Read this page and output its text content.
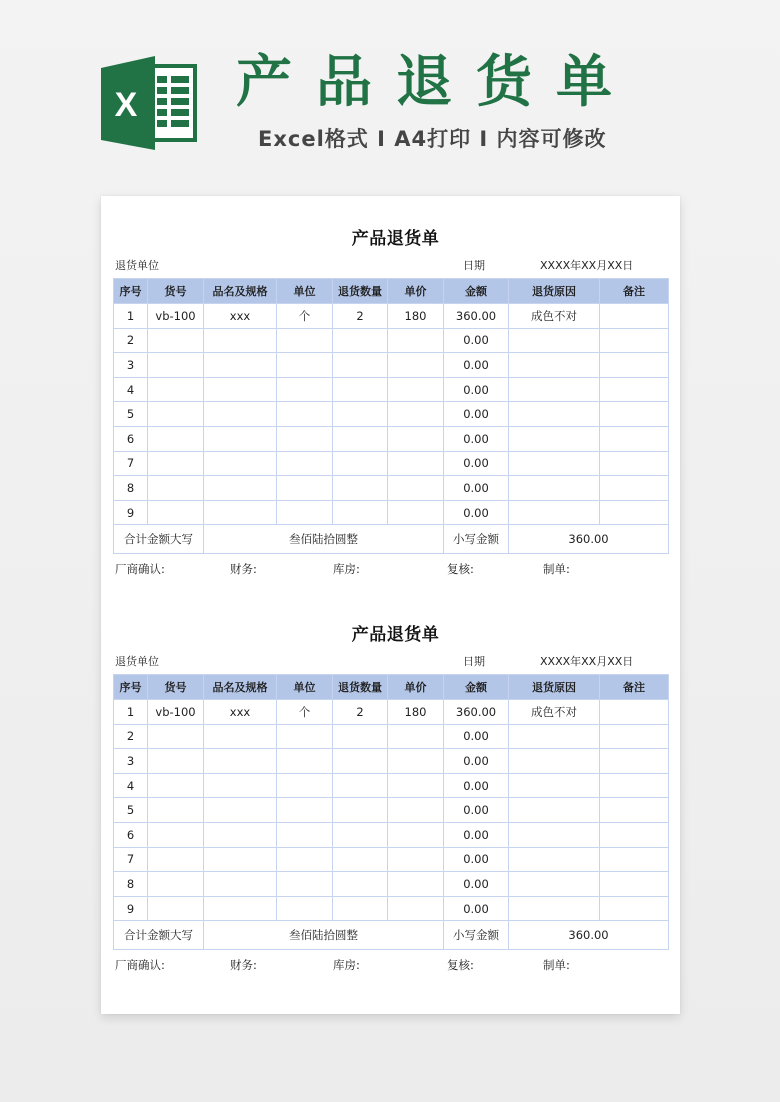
X 产品退货单
Excel格式 Ⅰ A4打印 Ⅰ 内容可修改
产品退货单
退货单位	日期	XXXX年XX月XX日
序号	货号	品名及规格	单位	退货数量	单价	金额	退货原因	备注
1	vb-100	xxx	个	2	180	360.00	成色不对	
2						0.00		
3						0.00		
4						0.00		
5						0.00		
6						0.00		
7						0.00		
8						0.00		
9						0.00		
合计金额大写		叁佰陆拾圆整				小写金额	360.00	
厂商确认:	财务:	库房:	复核:	制单:
产品退货单
退货单位	日期	XXXX年XX月XX日
序号	货号	品名及规格	单位	退货数量	单价	金额	退货原因	备注
1	vb-100	xxx	个	2	180	360.00	成色不对	
2						0.00		
3						0.00		
4						0.00		
5						0.00		
6						0.00		
7						0.00		
8						0.00		
9						0.00		
合计金额大写		叁佰陆拾圆整				小写金额	360.00	
厂商确认:	财务:	库房:	复核:	制单:
